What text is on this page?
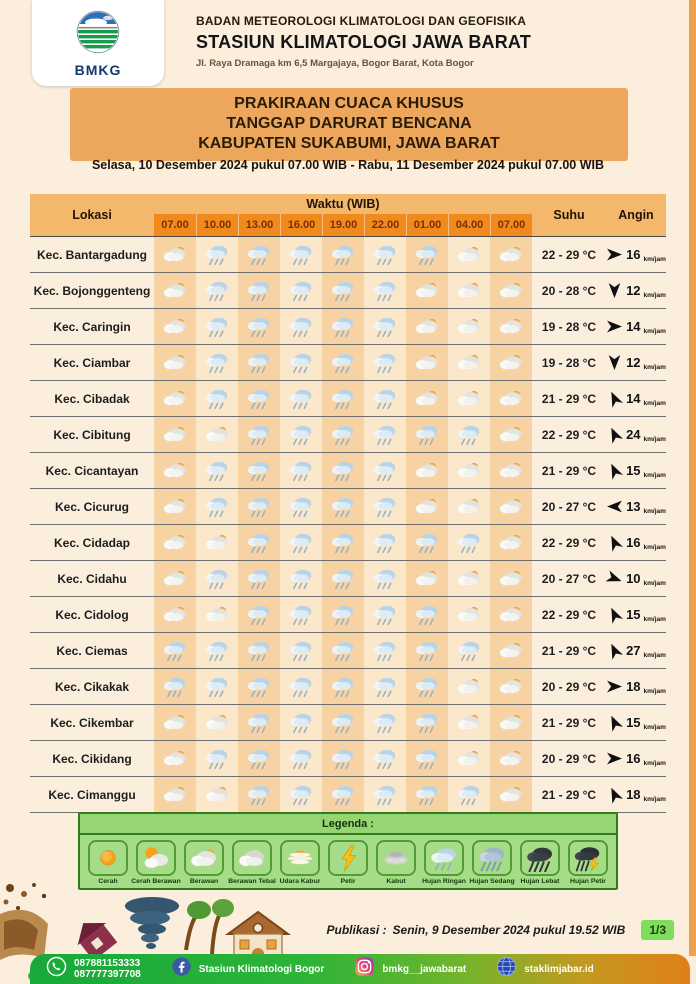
BMKG
BADAN METEOROLOGI KLIMATOLOGI DAN GEOFISIKA
STASIUN KLIMATOLOGI JAWA BARAT
Jl. Raya Dramaga km 6,5 Margajaya, Bogor Barat, Kota Bogor
PRAKIRAAN CUACA KHUSUS
TANGGAP DARURAT BENCANA
KABUPATEN SUKABUMI, JAWA BARAT
Selasa, 10 Desember 2024 pukul 07.00 WIB - Rabu, 11 Desember 2024 pukul 07.00 WIB
Lokasi
Waktu (WIB)
07.00	10.00	13.00	16.00	19.00	22.00	01.00	04.00	07.00
Suhu	Angin
Kec. Bantargadung	22 - 29 °C	16 km/jam
Kec. Bojonggenteng	20 - 28 °C	12 km/jam
Kec. Caringin	19 - 28 °C	14 km/jam
Kec. Ciambar	19 - 28 °C	12 km/jam
Kec. Cibadak	21 - 29 °C	14 km/jam
Kec. Cibitung	22 - 29 °C	24 km/jam
Kec. Cicantayan	21 - 29 °C	15 km/jam
Kec. Cicurug	20 - 27 °C	13 km/jam
Kec. Cidadap	22 - 29 °C	16 km/jam
Kec. Cidahu	20 - 27 °C	10 km/jam
Kec. Cidolog	22 - 29 °C	15 km/jam
Kec. Ciemas	21 - 29 °C	27 km/jam
Kec. Cikakak	20 - 29 °C	18 km/jam
Kec. Cikembar	21 - 29 °C	15 km/jam
Kec. Cikidang	20 - 29 °C	16 km/jam
Kec. Cimanggu	21 - 29 °C	18 km/jam
Legenda :
Cerah Cerah Berawan Berawan Berawan Tebal Udara Kabur	Petir	Kabut Hujan Ringan Hujan Sedang Hujan Lebat Hujan Petir
Publikasi : Senin, 9 Desember 2024 pukul 19.52 WIB	1/3
087881153333
087777397708	Stasiun Klimatologi Bogor	bmkg__jawabarat	staklimjabar.id
